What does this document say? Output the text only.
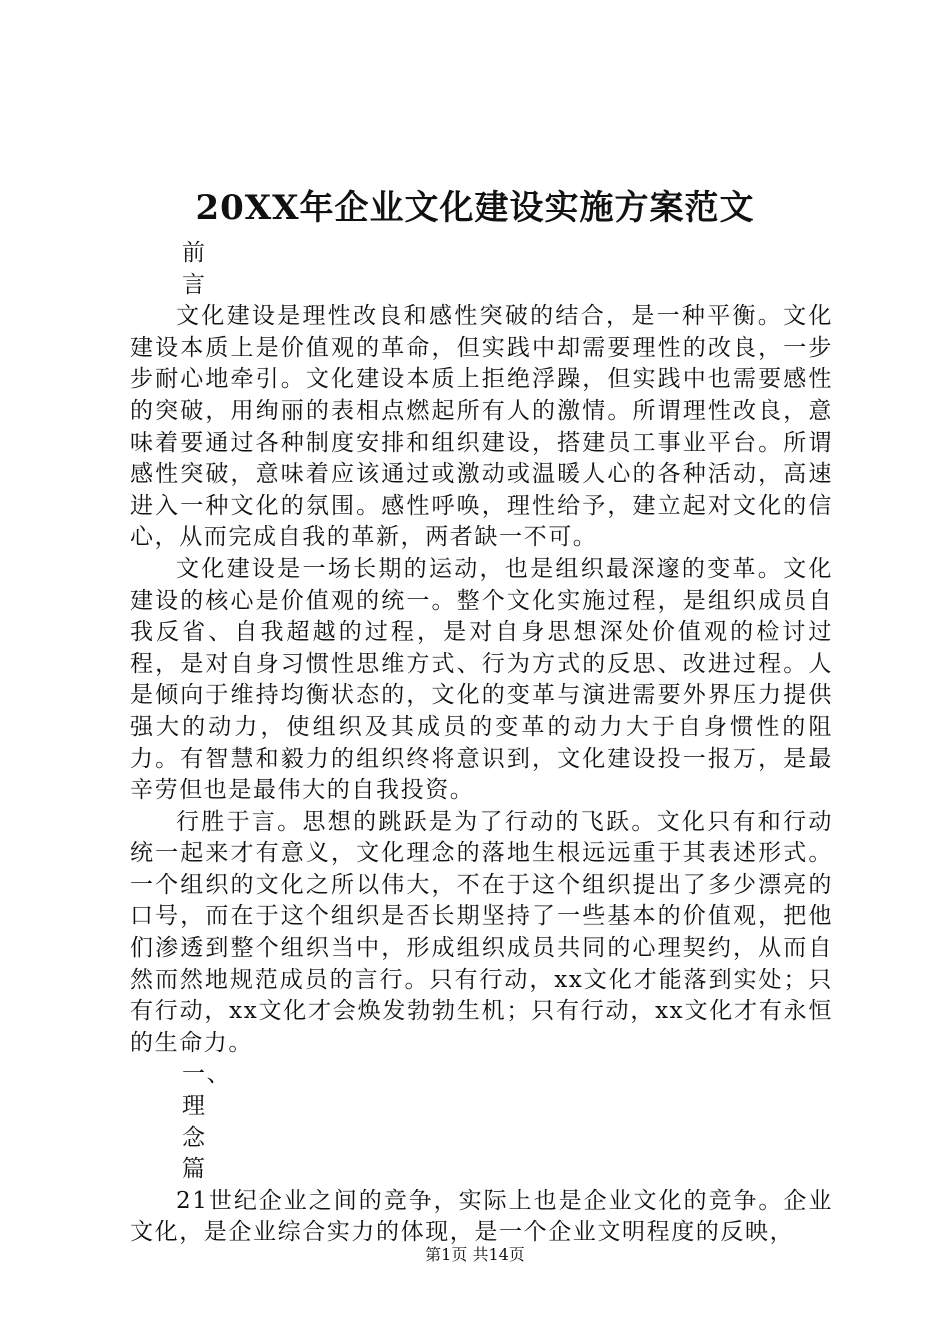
20XX年企业文化建设实施方案范文
前
言

文化建设是理性改良和感性突破的结合，是一种平衡。文化建设本质上是价值观的革命，但实践中却需要理性的改良，一步步耐心地牵引。文化建设本质上拒绝浮躁，但实践中也需要感性的突破，用绚丽的表相点燃起所有人的激情。所谓理性改良，意味着要通过各种制度安排和组织建设，搭建员工事业平台。所谓感性突破，意味着应该通过或激动或温暖人心的各种活动，高速进入一种文化的氛围。感性呼唤，理性给予，建立起对文化的信心，从而完成自我的革新，两者缺一不可。

文化建设是一场长期的运动，也是组织最深邃的变革。文化建设的核心是价值观的统一。整个文化实施过程，是组织成员自我反省、自我超越的过程，是对自身思想深处价值观的检讨过程，是对自身习惯性思维方式、行为方式的反思、改进过程。人是倾向于维持均衡状态的，文化的变革与演进需要外界压力提供强大的动力，使组织及其成员的变革的动力大于自身惯性的阻力。有智慧和毅力的组织终将意识到，文化建设投一报万，是最辛劳但也是最伟大的自我投资。

行胜于言。思想的跳跃是为了行动的飞跃。文化只有和行动统一起来才有意义，文化理念的落地生根远远重于其表述形式。一个组织的文化之所以伟大，不在于这个组织提出了多少漂亮的口号，而在于这个组织是否长期坚持了一些基本的价值观，把他们渗透到整个组织当中，形成组织成员共同的心理契约，从而自然而然地规范成员的言行。只有行动，xx文化才能落到实处；只有行动，xx文化才会焕发勃勃生机；只有行动，xx文化才有永恒的生命力。

一、理
念
篇

21世纪企业之间的竞争，实际上也是企业文化的竞争。企业文化，是企业综合实力的体现，是一个企业文明程度的反映，

第1页 共14页
